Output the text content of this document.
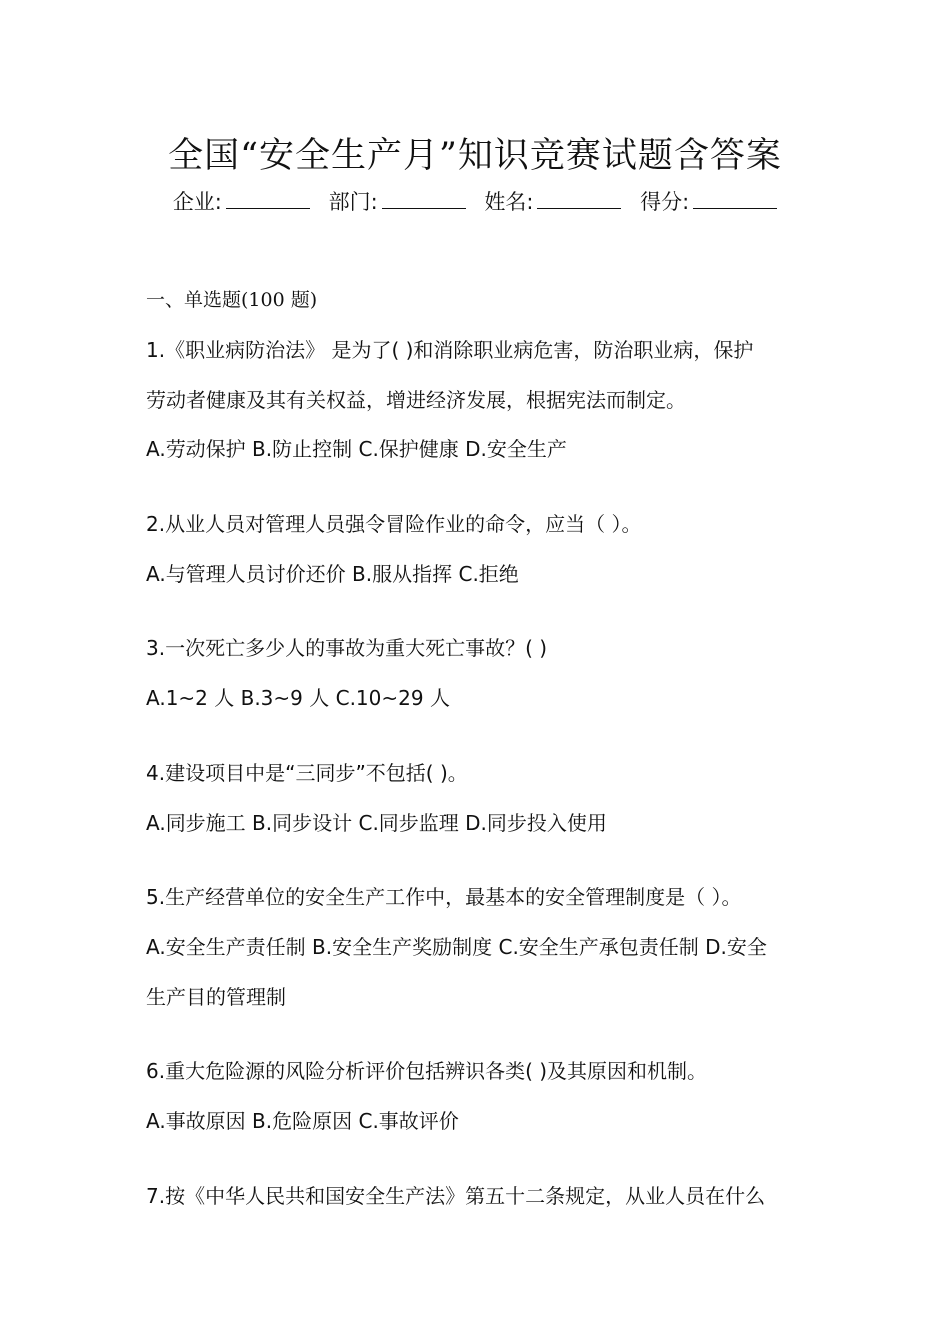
全国“安全生产月”知识竞赛试题含答案
企业:	部门:	姓名:	得分:
一、单选题(100 题)
1.《职业病防治法》 是为了( )和消除职业病危害，防治职业病，保护
劳动者健康及其有关权益，增进经济发展，根据宪法而制定。
A.劳动保护 B.防止控制 C.保护健康 D.安全生产
2.从业人员对管理人员强令冒险作业的命令，应当（ ）。
A.与管理人员讨价还价 B.服从指挥 C.拒绝
3.一次死亡多少人的事故为重大死亡事故？( )
A.1~2 人 B.3~9 人 C.10~29 人
4.建设项目中是“三同步”不包括( )。
A.同步施工 B.同步设计 C.同步监理 D.同步投入使用
5.生产经营单位的安全生产工作中，最基本的安全管理制度是（ ）。
A.安全生产责任制 B.安全生产奖励制度 C.安全生产承包责任制 D.安全
生产目的管理制
6.重大危险源的风险分析评价包括辨识各类( )及其原因和机制。
A.事故原因 B.危险原因 C.事故评价
7.按《中华人民共和国安全生产法》第五十二条规定，从业人员在什么
